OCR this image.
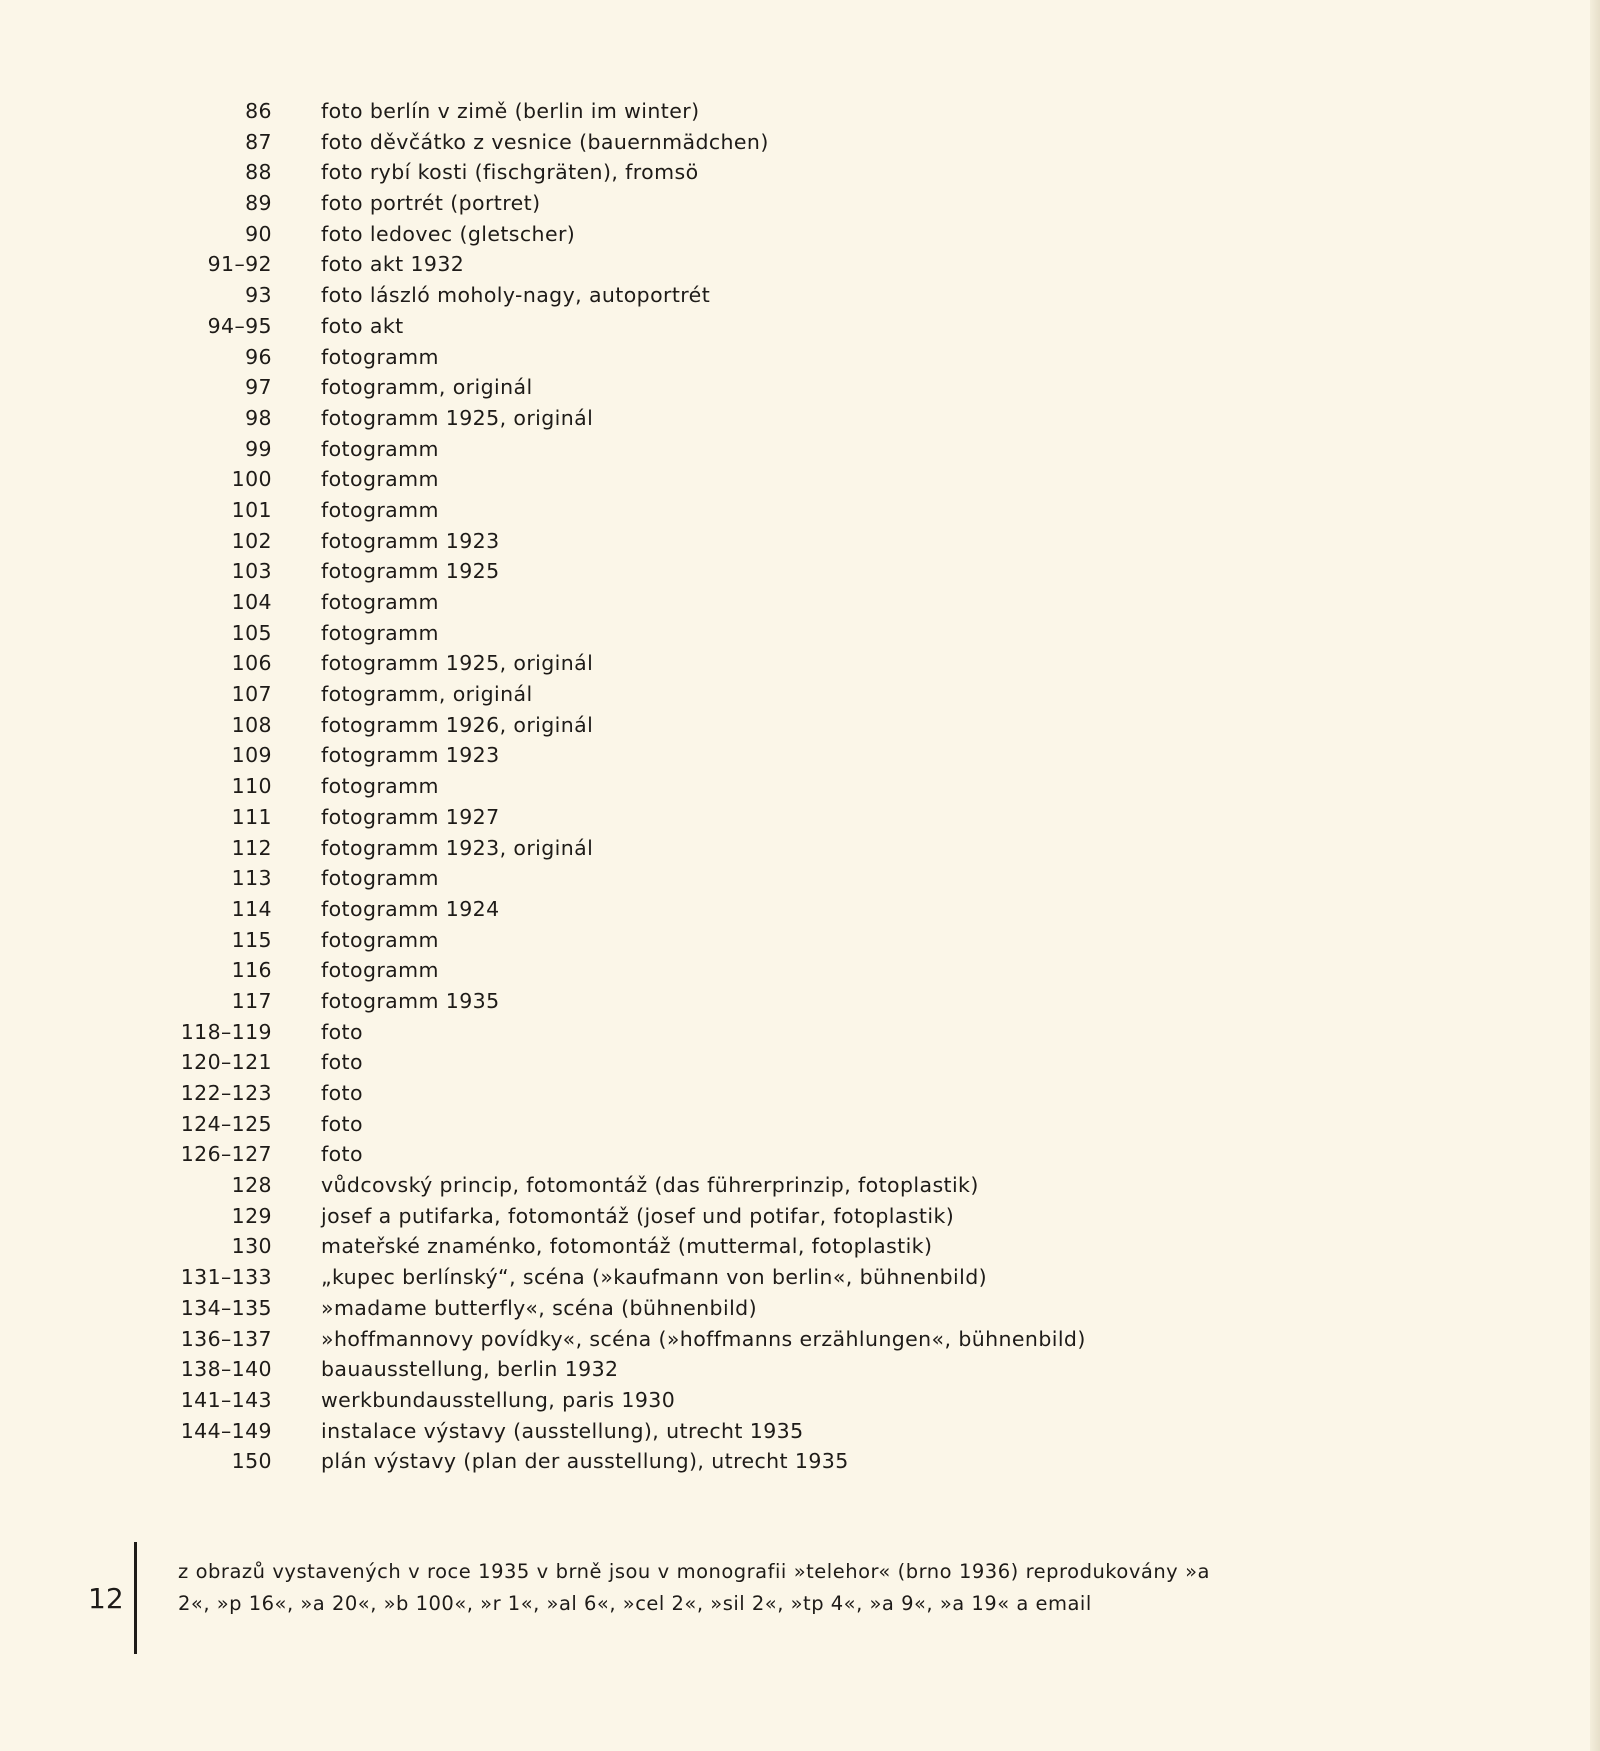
86 foto berlín v zimě (berlin im winter)
87 foto děvčátko z vesnice (bauernmädchen)
88 foto rybí kosti (fischgräten), fromsö
89 foto portrét (portret)
90 foto ledovec (gletscher)
91–92 foto akt 1932
93 foto lászló moholy-nagy, autoportrét
94–95 foto akt
96 fotogramm
97 fotogramm, originál
98 fotogramm 1925, originál
99 fotogramm
100 fotogramm
101 fotogramm
102 fotogramm 1923
103 fotogramm 1925
104 fotogramm
105 fotogramm
106 fotogramm 1925, originál
107 fotogramm, originál
108 fotogramm 1926, originál
109 fotogramm 1923
110 fotogramm
111 fotogramm 1927
112 fotogramm 1923, originál
113 fotogramm
114 fotogramm 1924
115 fotogramm
116 fotogramm
117 fotogramm 1935
118–119 foto
120–121 foto
122–123 foto
124–125 foto
126–127 foto
128 vůdcovský princip, fotomontáž (das führerprinzip, fotoplastik)
129 josef a putifarka, fotomontáž (josef und potifar, fotoplastik)
130 mateřské znaménko, fotomontáž (muttermal, fotoplastik)
131–133 „kupec berlínský“, scéna (»kaufmann von berlin«, bühnenbild)
134–135 »madame butterfly«, scéna (bühnenbild)
136–137 »hoffmannovy povídky«, scéna (»hoffmanns erzählungen«, bühnenbild)
138–140 bauausstellung, berlin 1932
141–143 werkbundausstellung, paris 1930
144–149 instalace výstavy (ausstellung), utrecht 1935
150 plán výstavy (plan der ausstellung), utrecht 1935
12
z obrazů vystavených v roce 1935 v brně jsou v monografii »telehor« (brno 1936) reprodukovány »a 2«, »p 16«, »a 20«, »b 100«, »r 1«, »al 6«, »cel 2«, »sil 2«, »tp 4«, »a 9«, »a 19« a email
